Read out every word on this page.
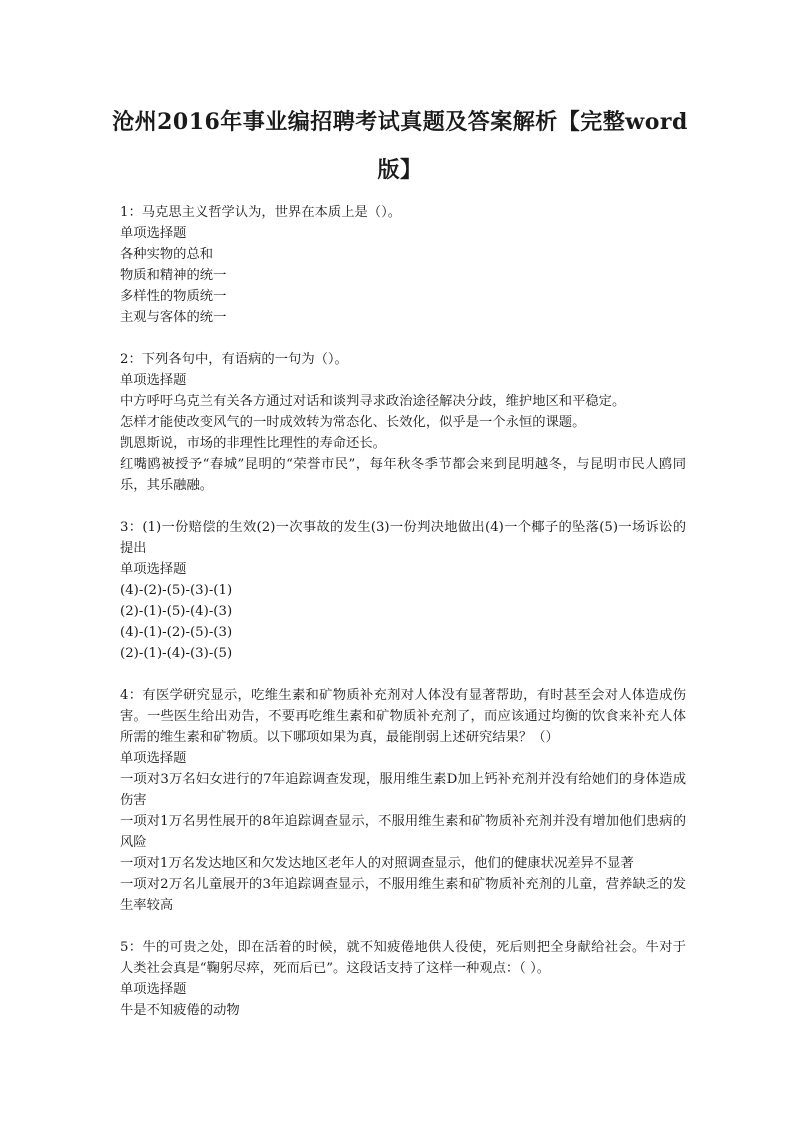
沧州2016年事业编招聘考试真题及答案解析【完整word版】

1：马克思主义哲学认为，世界在本质上是（）。

单项选择题

各种实物的总和

物质和精神的统一

多样性的物质统一

主观与客体的统一

2：下列各句中，有语病的一句为（）。

单项选择题

中方呼吁乌克兰有关各方通过对话和谈判寻求政治途径解决分歧，维护地区和平稳定。

怎样才能使改变风气的一时成效转为常态化、长效化，似乎是一个永恒的课题。

凯恩斯说，市场的非理性比理性的寿命还长。

红嘴鸥被授予“春城”昆明的“荣誉市民”，每年秋冬季节都会来到昆明越冬，与昆明市民人鸥同乐，其乐融融。

3：(1)一份赔偿的生效(2)一次事故的发生(3)一份判决地做出(4)一个椰子的坠落(5)一场诉讼的提出

单项选择题

(4)-(2)-(5)-(3)-(1)

(2)-(1)-(5)-(4)-(3)

(4)-(1)-(2)-(5)-(3)

(2)-(1)-(4)-(3)-(5)

4：有医学研究显示，吃维生素和矿物质补充剂对人体没有显著帮助，有时甚至会对人体造成伤害。一些医生给出劝告，不要再吃维生素和矿物质补充剂了，而应该通过均衡的饮食来补充人体所需的维生素和矿物质。以下哪项如果为真，最能削弱上述研究结果？（）

单项选择题

一项对3万名妇女进行的7年追踪调查发现，服用维生素D加上钙补充剂并没有给她们的身体造成伤害

一项对1万名男性展开的8年追踪调查显示，不服用维生素和矿物质补充剂并没有增加他们患病的风险

一项对1万名发达地区和欠发达地区老年人的对照调查显示，他们的健康状况差异不显著

一项对2万名儿童展开的3年追踪调查显示，不服用维生素和矿物质补充剂的儿童，营养缺乏的发生率较高

5：牛的可贵之处，即在活着的时候，就不知疲倦地供人役使，死后则把全身献给社会。牛对于人类社会真是“鞠躬尽瘁，死而后已”。这段话支持了这样一种观点：（ ）。

单项选择题

牛是不知疲倦的动物
